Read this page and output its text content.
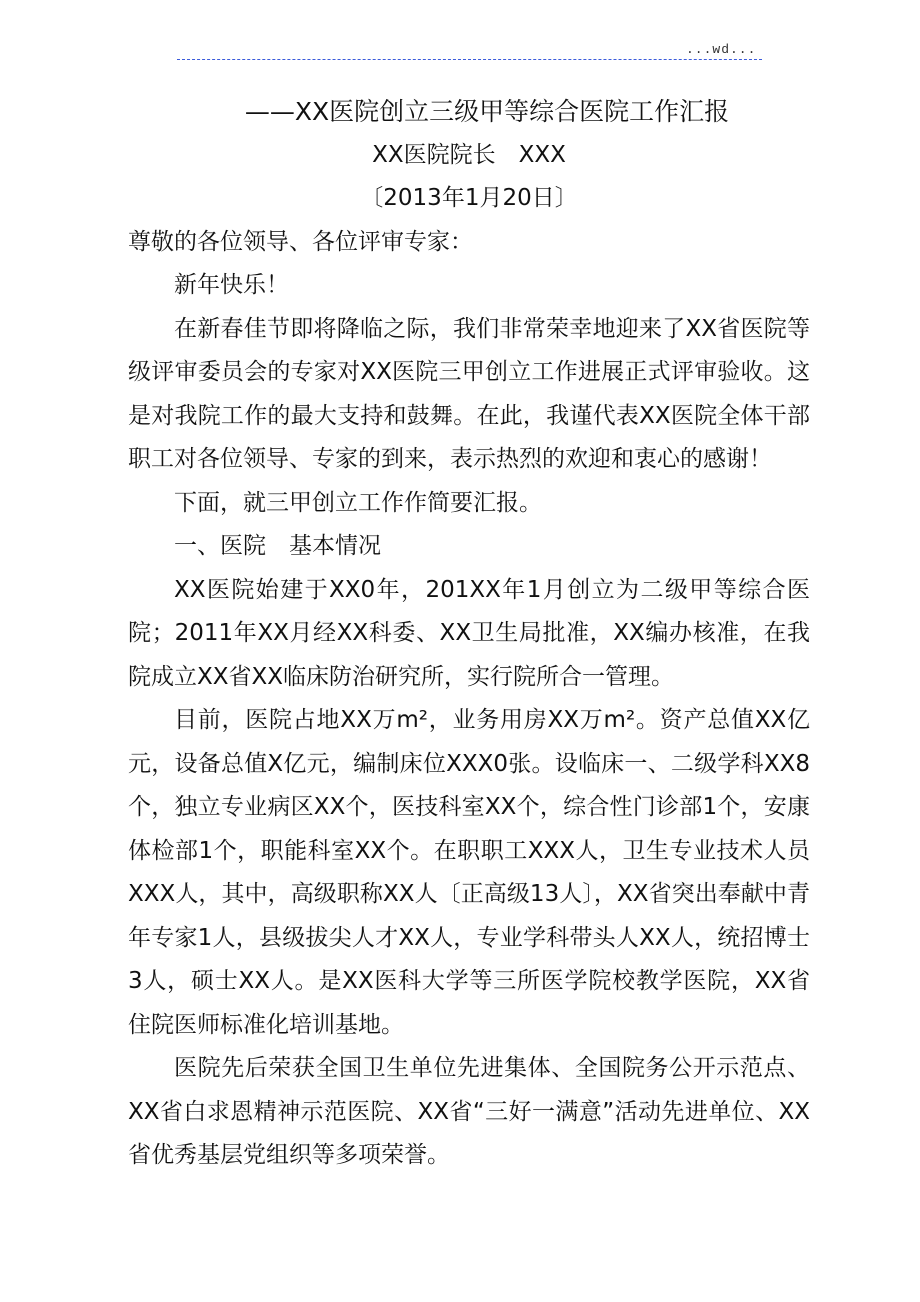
...wd...
——XX医院创立三级甲等综合医院工作汇报
XX医院院长　XXX
〔2013年1月20日〕

尊敬的各位领导、各位评审专家：

新年快乐！

在新春佳节即将降临之际，我们非常荣幸地迎来了XX省医院等级评审委员会的专家对XX医院三甲创立工作进展正式评审验收。这是对我院工作的最大支持和鼓舞。在此，我谨代表XX医院全体干部职工对各位领导、专家的到来，表示热烈的欢迎和衷心的感谢！

下面，就三甲创立工作作简要汇报。

一、医院　基本情况

XX医院始建于XX0年，201XX年1月创立为二级甲等综合医院；2011年XX月经XX科委、XX卫生局批准，XX编办核准，在我院成立XX省XX临床防治研究所，实行院所合一管理。

目前，医院占地XX万m²，业务用房XX万m²。资产总值XX亿元，设备总值X亿元，编制床位XXX0张。设临床一、二级学科XX8个，独立专业病区XX个，医技科室XX个，综合性门诊部1个，安康体检部1个，职能科室XX个。在职职工XXX人，卫生专业技术人员XXX人，其中，高级职称XX人〔正高级13人〕，XX省突出奉献中青年专家1人，县级拔尖人才XX人，专业学科带头人XX人，统招博士3人，硕士XX人。是XX医科大学等三所医学院校教学医院，XX省住院医师标准化培训基地。

医院先后荣获全国卫生单位先进集体、全国院务公开示范点、XX省白求恩精神示范医院、XX省“三好一满意”活动先进单位、XX省优秀基层党组织等多项荣誉。
